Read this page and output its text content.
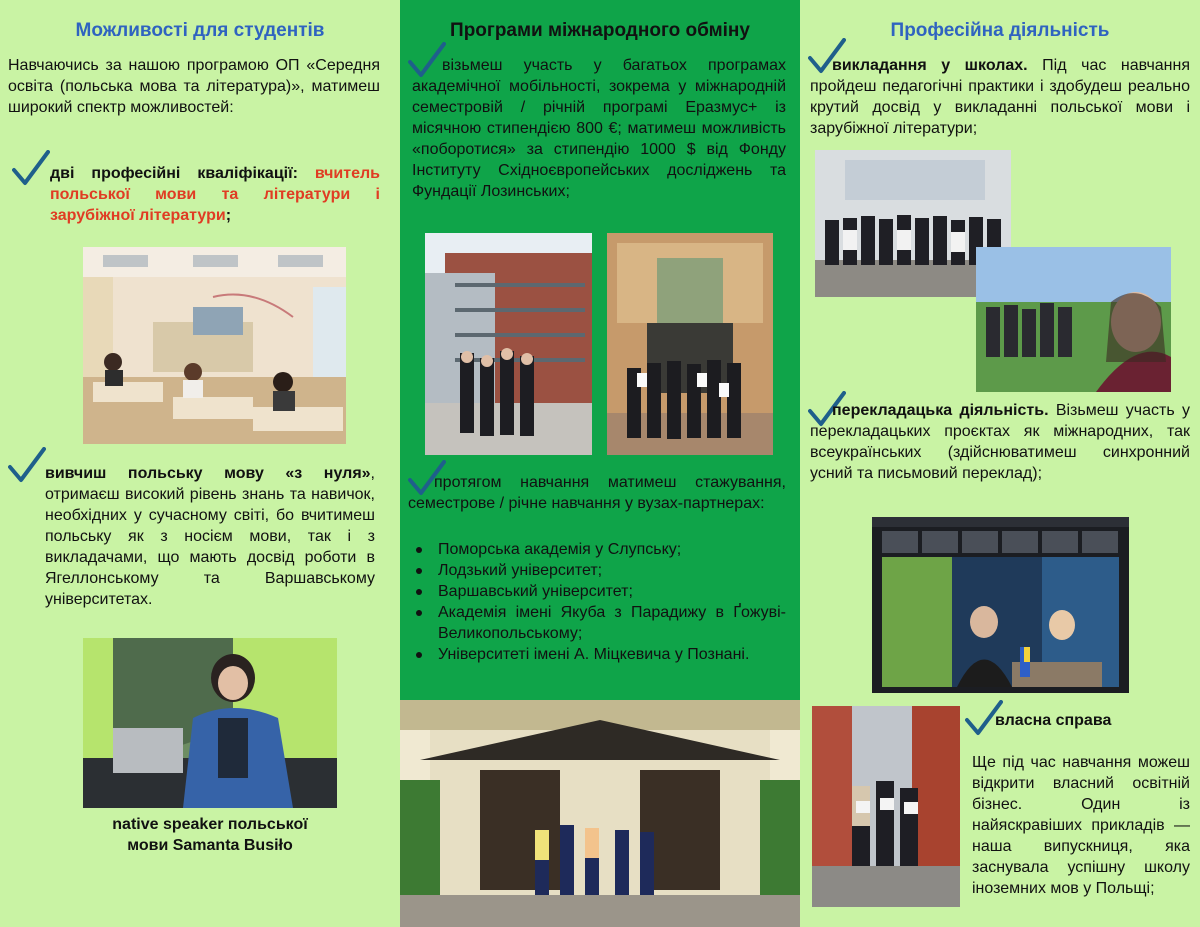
Можливості для студентів

Навчаючись за нашою програмою ОП «Середня освіта (польська мова та література)», матимеш широкий спектр можливостей:

дві професійні кваліфікації: вчитель польської мови та літератури і зарубіжної літератури;

вивчиш польську мову «з нуля», отримаєш високий рівень знань та навичок, необхідних у сучасному світі, бо вчитимеш польську як з носієм мови, так і з викладачами, що мають досвід роботи в Ягеллонському та Варшавському університетах.

native speaker польської
мови Samanta Busiło
Програми міжнародного обміну

візьмеш участь у багатьох програмах академічної мобільності, зокрема у міжнародній семестровій / річній програмі Еразмус+ із місячною стипендією 800 €; матимеш можливість «поборотися» за стипендію 1000 $ від Фонду Інституту Східноєвропейських досліджень та Фундації Лозинських;

протягом навчання матимеш стажування, семестрове / річне навчання у вузах-партнерах:

Поморська академія у Слупську;
Лодзький університет;
Варшавський університет;
Академія імені Якуба з Парадижу в Ґожуві-Великопольському;
Університеті імені А. Міцкевича у Познані.
Професійна діяльність

викладання у школах. Під час навчання пройдеш педагогічні практики і здобудеш реально крутий досвід у викладанні польської мови і зарубіжної літератури;

перекладацька діяльність. Візьмеш участь у перекладацьких проєктах як міжнародних, так всеукраїнських (здійснюватимеш синхронний усний та письмовий переклад);

власна справа

Ще під час навчання можеш відкрити власний освітній бізнес. Один із найяскравіших прикладів — наша випускниця, яка заснувала успішну школу іноземних мов у Польщі;
